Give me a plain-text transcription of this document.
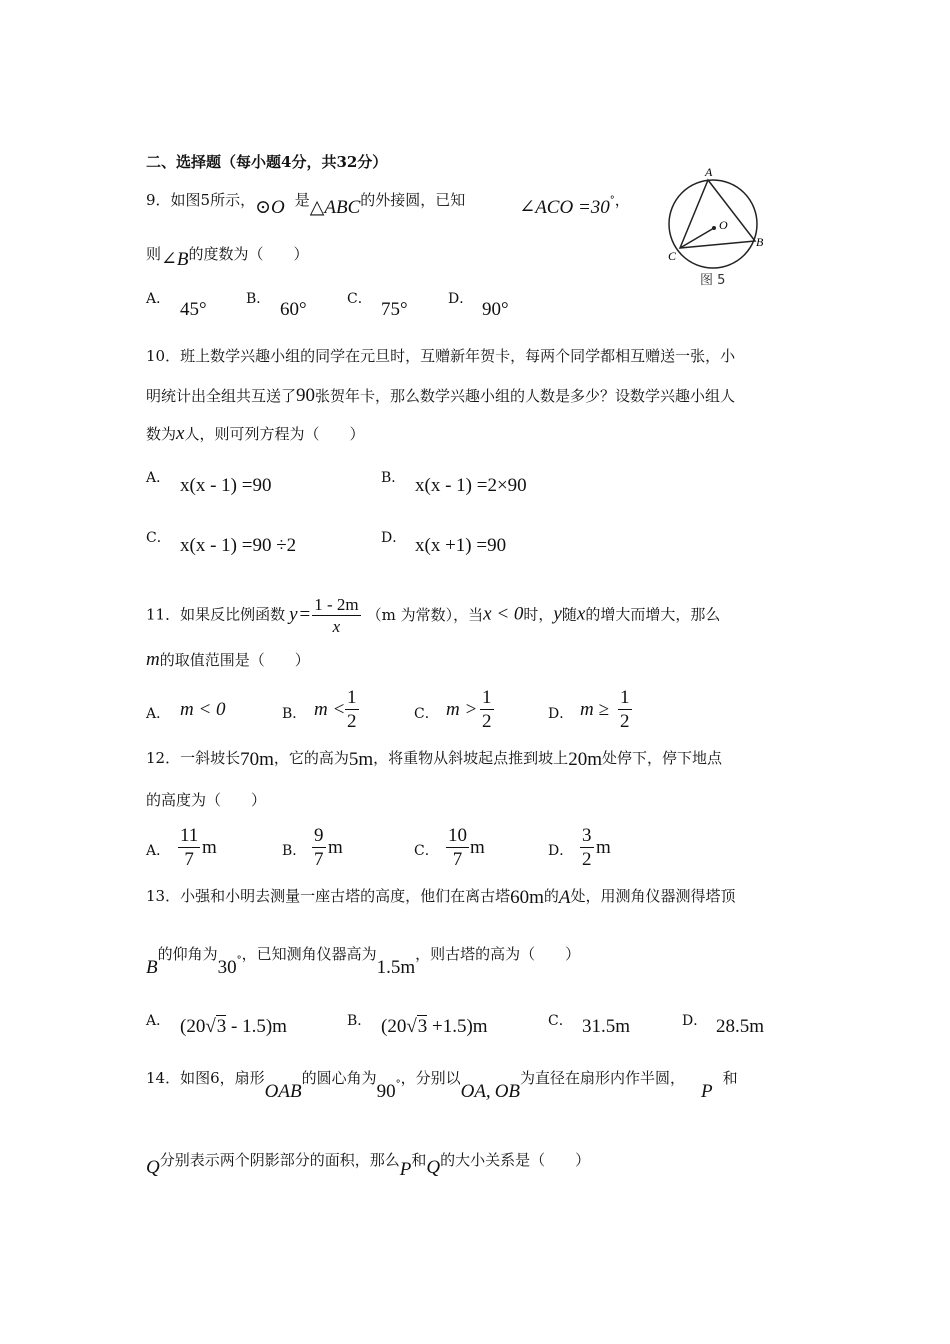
二、选择题（每小题4分，共32分）
9．如图5所示，⊙O 是△ABC的外接圆，已知	∠ACO =30°，
则∠B的度数为（　　）
A． 45°	B． 60°	C． 75°	D． 90°
A
B
C
O
图 5
10．班上数学兴趣小组的同学在元旦时，互赠新年贺卡，每两个同学都相互赠送一张，小
明统计出全组共互送了90张贺年卡，那么数学兴趣小组的人数是多少？设数学兴趣小组人
数为x人，则可列方程为（　　）
A． x(x - 1) =90	B． x(x - 1) =2×90
C． x(x - 1) =90 ÷2	D． x(x +1) =90
11．如果反比例函数 $y = \frac{1 - 2m}{x} (m$ 为常数），当x < 0时，y随x的增大而增大，那么
m的取值范围是（　　）
A． m < 0	B． $m < \frac{1}{2}$	C． $m > \frac{1}{2}$	D． $m \ge \frac{1}{2}$
12．一斜坡长70m，它的高为5m，将重物从斜坡起点推到坡上20m处停下，停下地点
的高度为（　　）
A． $\frac{11}{7}$ m	B． $\frac{9}{7}$ m	C． $\frac{10}{7}$ m	D． $\frac{3}{2}$ m
13．小强和小明去测量一座古塔的高度，他们在离古塔60m的A处，用测角仪器测得塔顶
B的仰角为$30^\circ$，已知测角仪器高为1.5m，则古塔的高为（　　）
A． (20√3 - 1.5)m	B． (20√3 +1.5)m	C． 31.5m	D． 28.5m
14．如图6，扇形OAB的圆心角为$90^\circ$，分别以OA, OB为直径在扇形内作半圆，P和
Q分别表示两个阴影部分的面积，那么P和Q的大小关系是（　　）
